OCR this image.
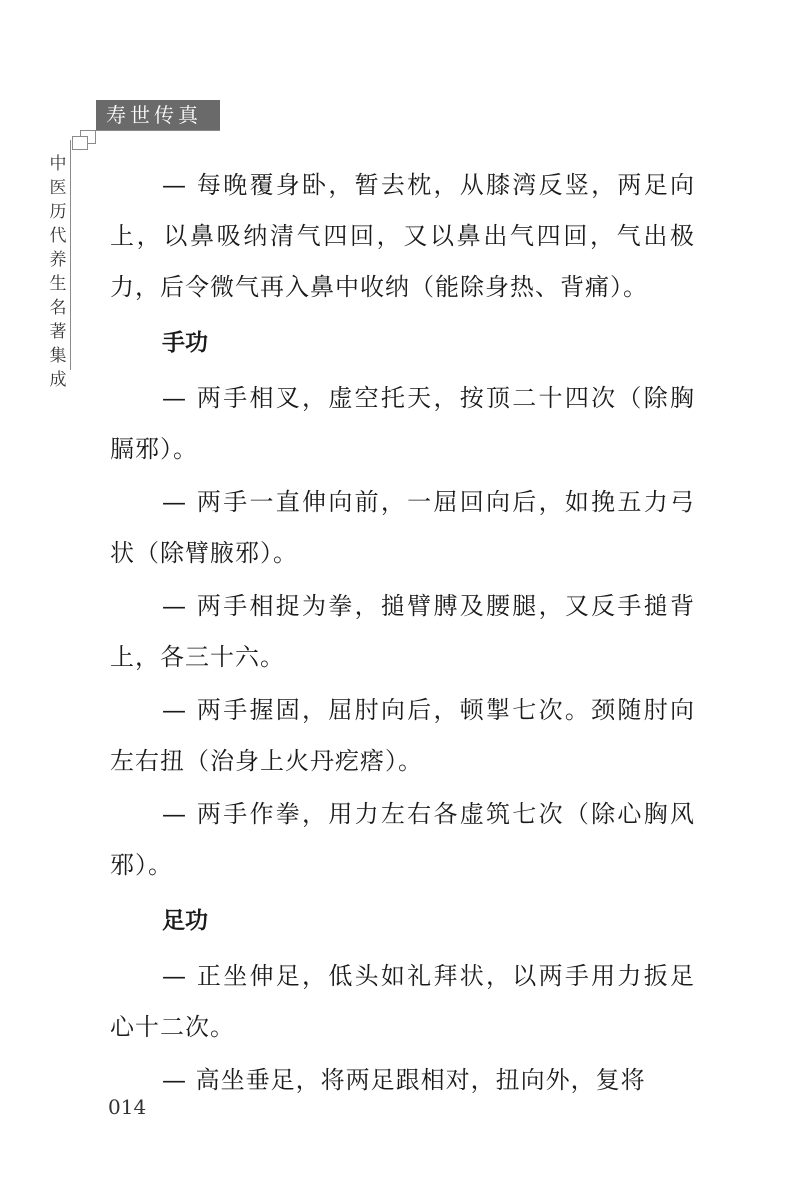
寿世传真
中医历代养生名著集成

— 每晚覆身卧，暂去枕，从膝湾反竖，两足向上，以鼻吸纳清气四回，又以鼻出气四回，气出极力，后令微气再入鼻中收纳（能除身热、背痛）。

手功

— 两手相叉，虚空托天，按顶二十四次（除胸膈邪）。

— 两手一直伸向前，一屈回向后，如挽五力弓状（除臂腋邪）。

— 两手相捉为拳，搥臂膊及腰腿，又反手搥背上，各三十六。

— 两手握固，屈肘向后，顿掣七次。颈随肘向左右扭（治身上火丹疙瘩）。

— 两手作拳，用力左右各虚筑七次（除心胸风邪）。

足功

— 正坐伸足，低头如礼拜状，以两手用力扳足心十二次。

— 高坐垂足，将两足跟相对，扭向外，复将

014
